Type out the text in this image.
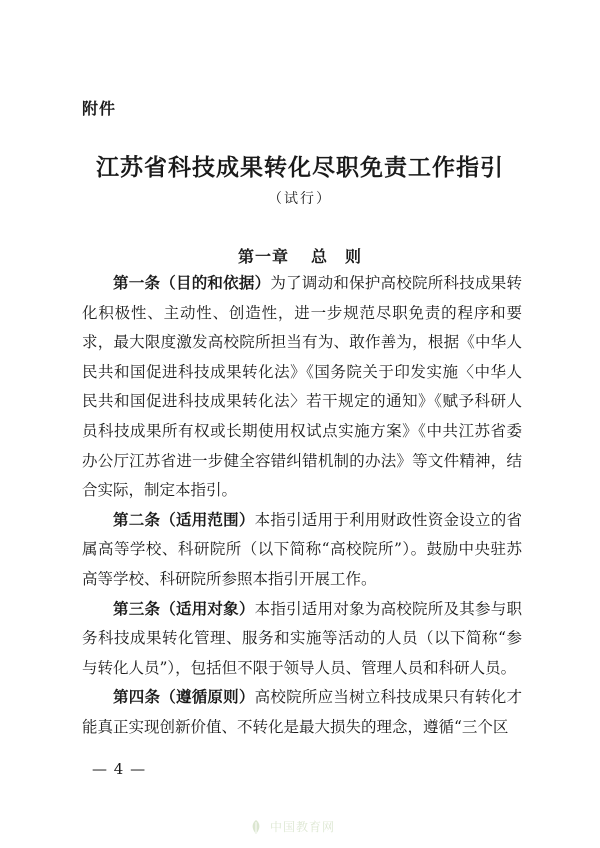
附件
江苏省科技成果转化尽职免责工作指引
（试行）
第一章 总　则

第一条（目的和依据）为了调动和保护高校院所科技成果转化积极性、主动性、创造性，进一步规范尽职免责的程序和要求，最大限度激发高校院所担当有为、敢作善为，根据《中华人民共和国促进科技成果转化法》《国务院关于印发实施〈中华人民共和国促进科技成果转化法〉若干规定的通知》《赋予科研人员科技成果所有权或长期使用权试点实施方案》《中共江苏省委办公厅江苏省进一步健全容错纠错机制的办法》等文件精神，结合实际，制定本指引。

第二条（适用范围）本指引适用于利用财政性资金设立的省属高等学校、科研院所（以下简称“高校院所”）。鼓励中央驻苏高等学校、科研院所参照本指引开展工作。

第三条（适用对象）本指引适用对象为高校院所及其参与职务科技成果转化管理、服务和实施等活动的人员（以下简称“参与转化人员”），包括但不限于领导人员、管理人员和科研人员。

第四条（遵循原则）高校院所应当树立科技成果只有转化才能真正实现创新价值、不转化是最大损失的理念，遵循“三个区

— 4 —
中国教育网
